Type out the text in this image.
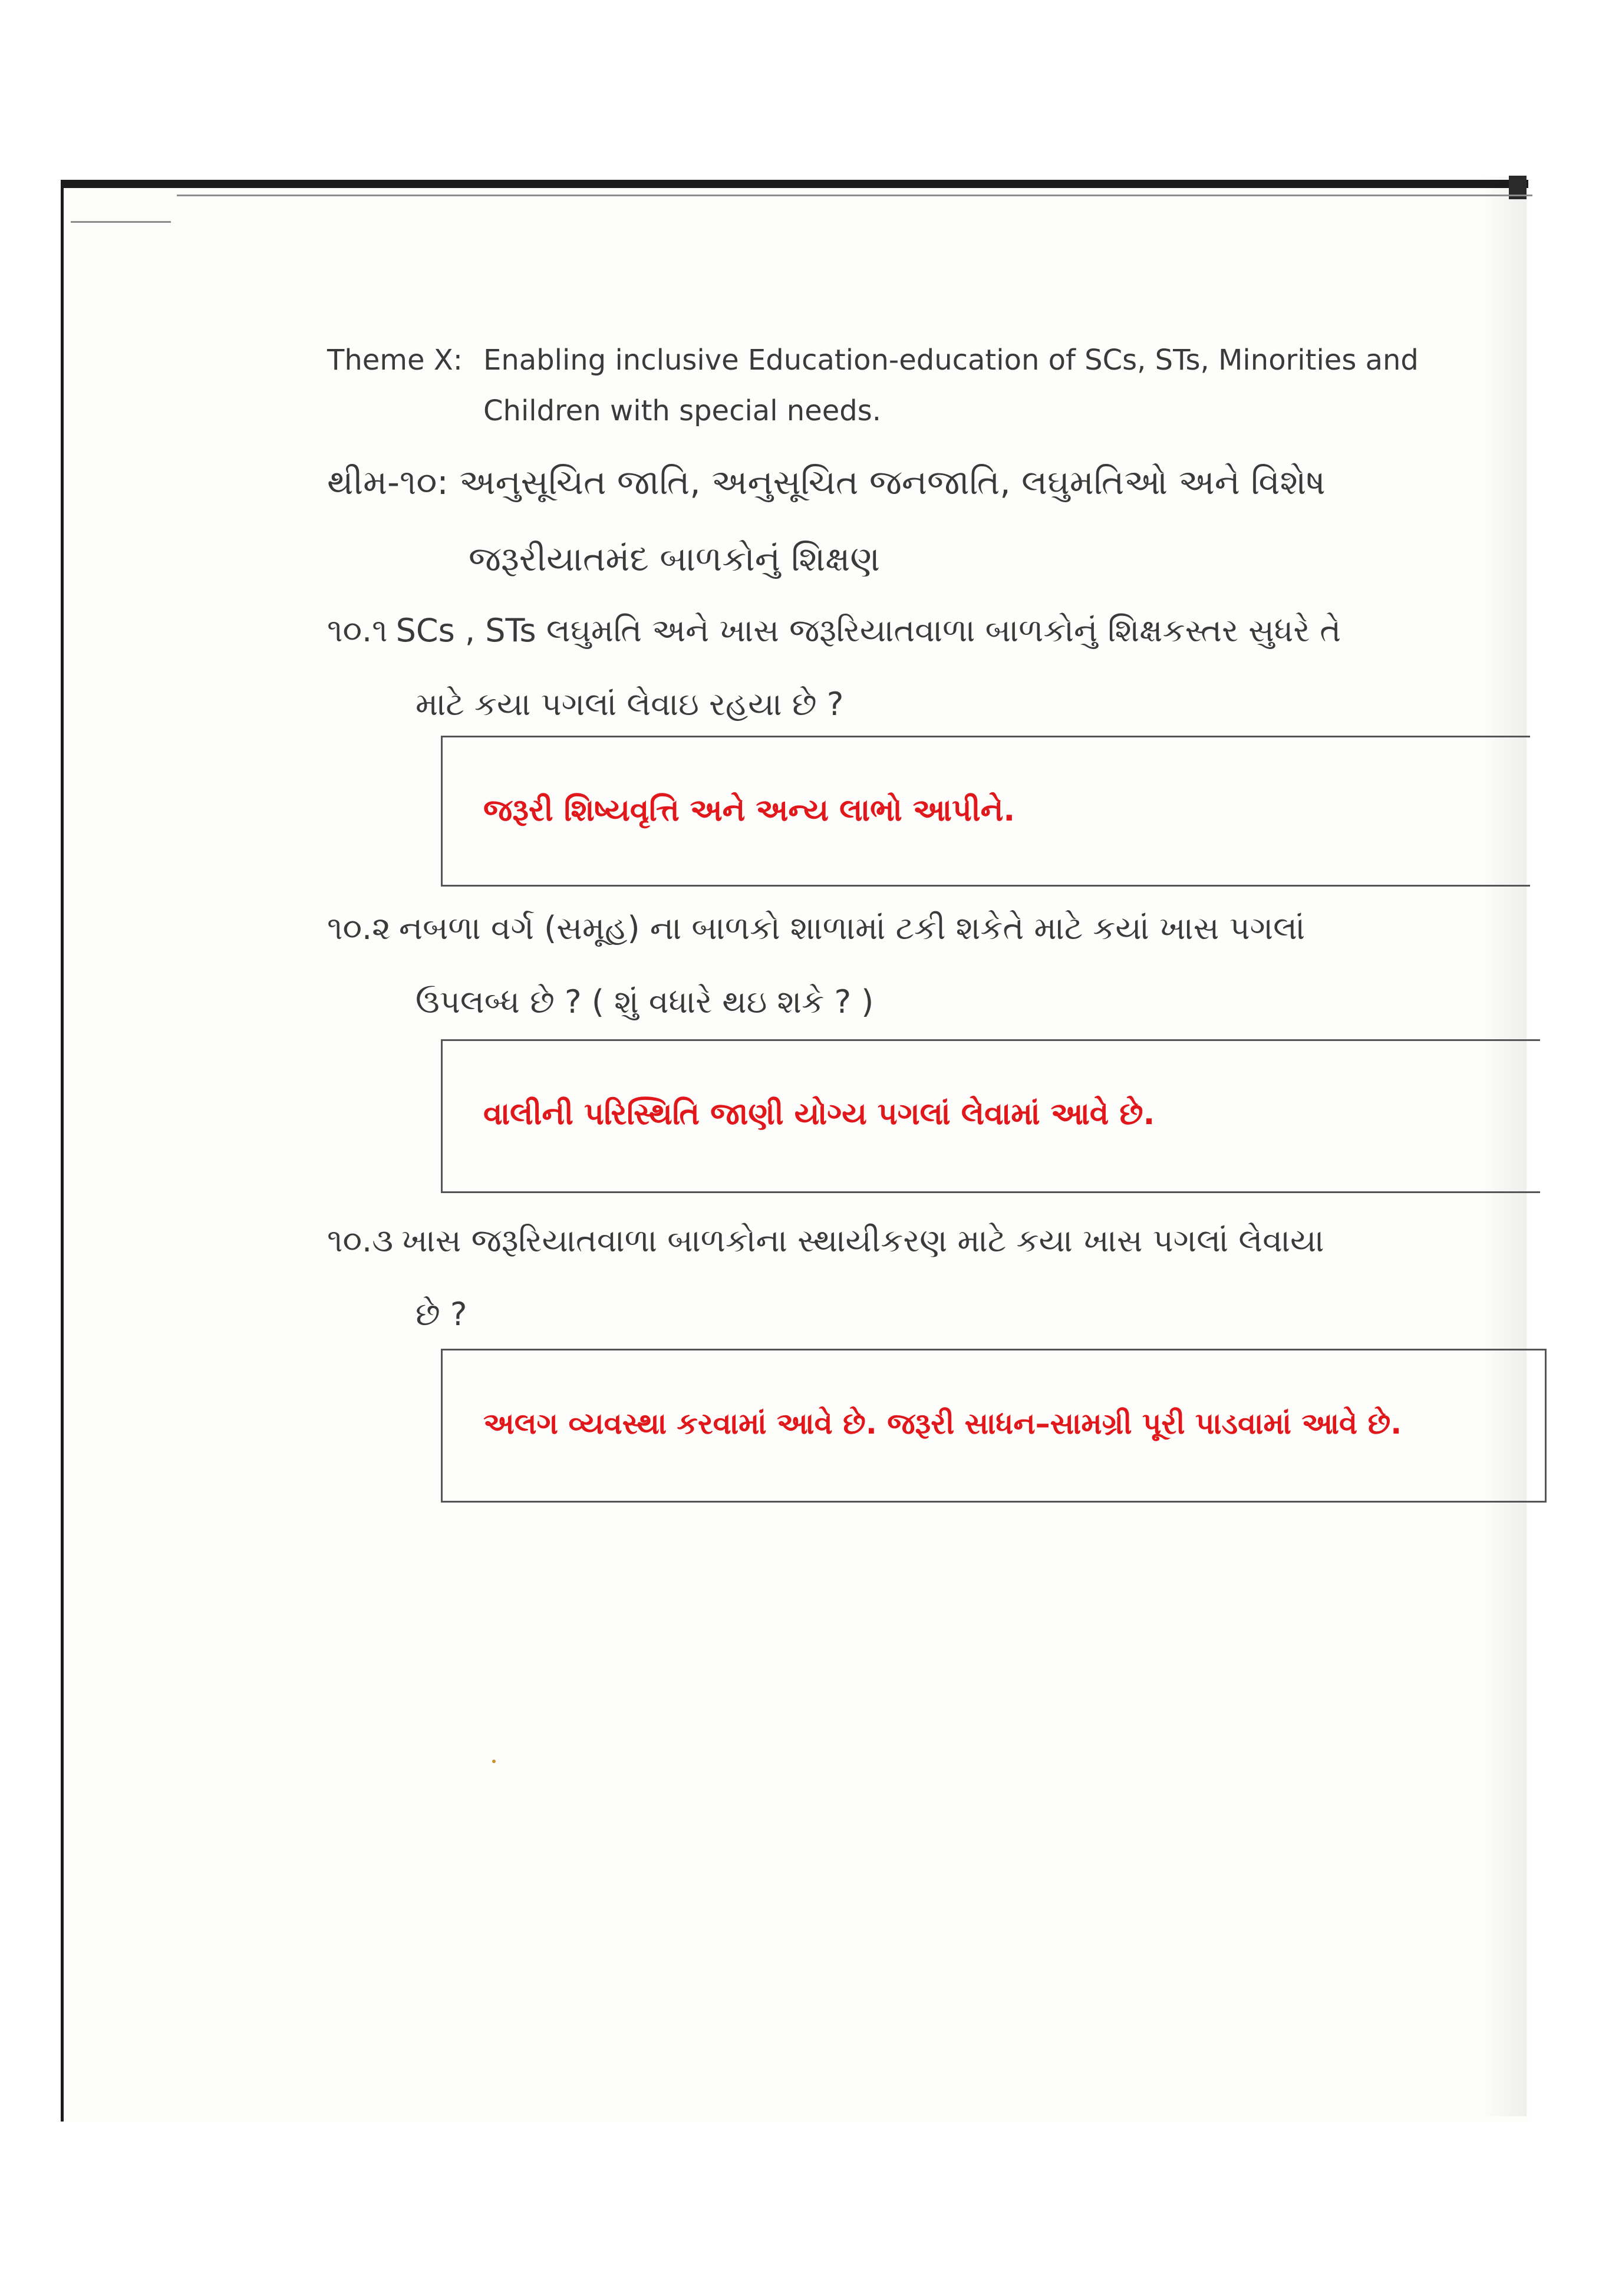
Theme X: Enabling inclusive Education-education of SCs, STs, Minorities and
Children with special needs.
થીમ-૧૦: અનુસૂચિત જાતિ, અનુસૂચિત જનજાતિ, લઘુમતિઓ અને વિશેષ
જરૂરીયાતમંદ બાળકોનું શિક્ષણ
૧૦.૧ SCs , STs લઘુમતિ અને ખાસ જરૂરિયાતવાળા બાળકોનું શિક્ષકસ્તર સુધરે તે
માટે કયા પગલાં લેવાઇ રહયા છે ?
જરૂરી શિષ્યવૃત્તિ અને અન્ય લાભો આપીને.
૧૦.૨ નબળા વર્ગ (સમૂહ) ના બાળકો શાળામાં ટકી શકેતે માટે કયાં ખાસ પગલાં
ઉપલબ્ધ છે ? ( શું વધારે થઇ શકે ? )
વાલીની પરિસ્થિતિ જાણી યોગ્ય પગલાં લેવામાં આવે છે.
૧૦.૩ ખાસ જરૂરિયાતવાળા બાળકોના સ્થાયીકરણ માટે કયા ખાસ પગલાં લેવાયા
છે ?
અલગ વ્યવસ્થા કરવામાં આવે છે. જરૂરી સાધન–સામગ્રી પૂરી પાડવામાં આવે છે.
